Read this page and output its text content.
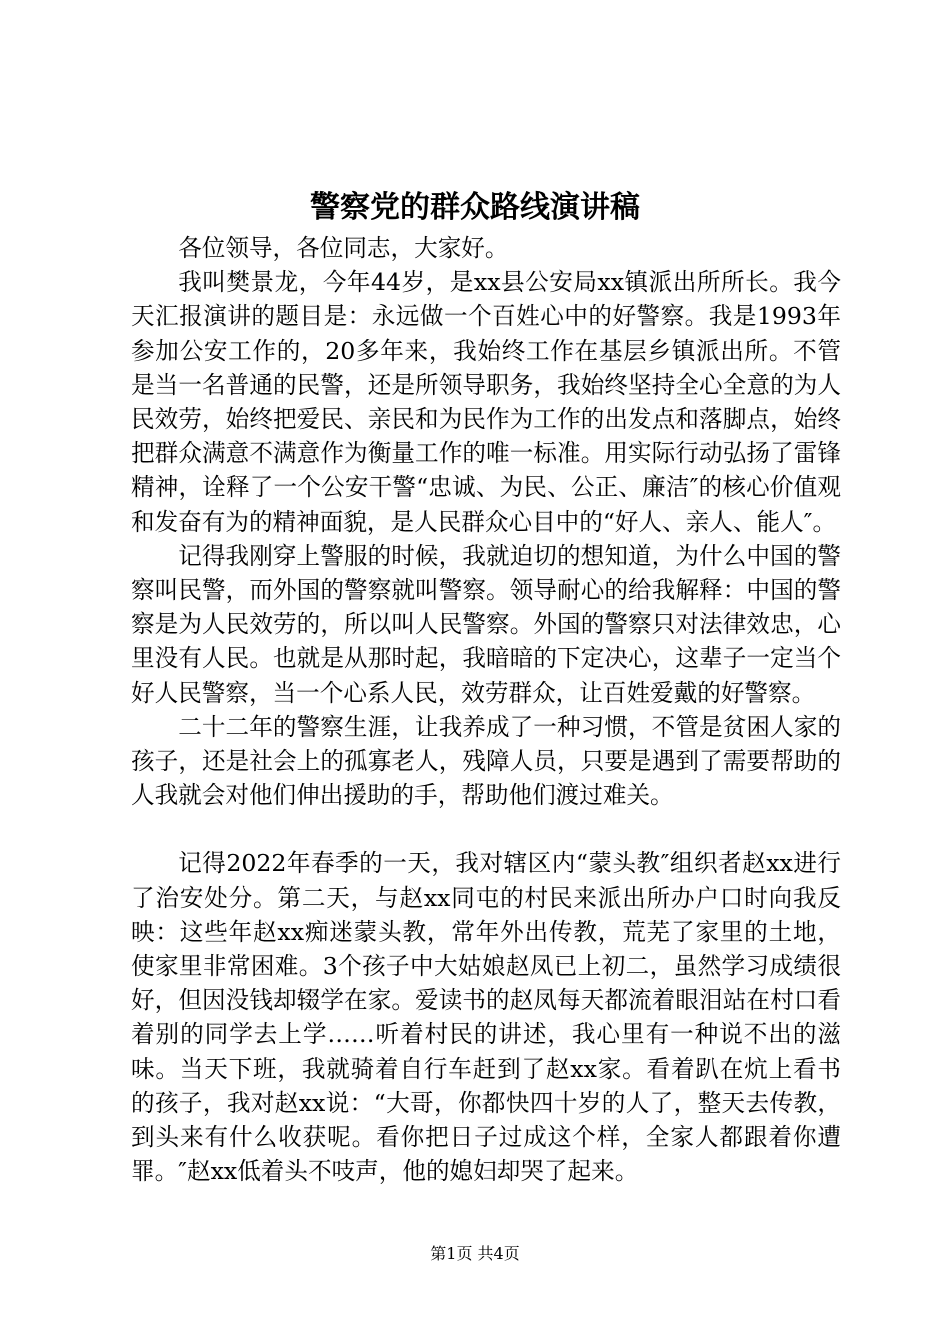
警察党的群众路线演讲稿

各位领导，各位同志，大家好。

我叫樊景龙，今年44岁，是xx县公安局xx镇派出所所长。我今天汇报演讲的题目是：永远做一个百姓心中的好警察。我是1993年参加公安工作的，20多年来，我始终工作在基层乡镇派出所。不管是当一名普通的民警，还是所领导职务，我始终坚持全心全意的为人民效劳，始终把爱民、亲民和为民作为工作的出发点和落脚点，始终把群众满意不满意作为衡量工作的唯一标准。用实际行动弘扬了雷锋精神，诠释了一个公安干警“忠诚、为民、公正、廉洁″的核心价值观和发奋有为的精神面貌，是人民群众心目中的“好人、亲人、能人″。

记得我刚穿上警服的时候，我就迫切的想知道，为什么中国的警察叫民警，而外国的警察就叫警察。领导耐心的给我解释：中国的警察是为人民效劳的，所以叫人民警察。外国的警察只对法律效忠，心里没有人民。也就是从那时起，我暗暗的下定决心，这辈子一定当个好人民警察，当一个心系人民，效劳群众，让百姓爱戴的好警察。

二十二年的警察生涯，让我养成了一种习惯，不管是贫困人家的孩子，还是社会上的孤寡老人，残障人员，只要是遇到了需要帮助的人我就会对他们伸出援助的手，帮助他们渡过难关。

记得2022年春季的一天，我对辖区内“蒙头教″组织者赵xx进行了治安处分。第二天，与赵xx同屯的村民来派出所办户口时向我反映：这些年赵xx痴迷蒙头教，常年外出传教，荒芜了家里的土地，使家里非常困难。3个孩子中大姑娘赵凤已上初二，虽然学习成绩很好，但因没钱却辍学在家。爱读书的赵凤每天都流着眼泪站在村口看着别的同学去上学……听着村民的讲述，我心里有一种说不出的滋味。当天下班，我就骑着自行车赶到了赵xx家。看着趴在炕上看书的孩子，我对赵xx说：“大哥，你都快四十岁的人了，整天去传教，到头来有什么收获呢。看你把日子过成这个样，全家人都跟着你遭罪。″赵xx低着头不吱声，他的媳妇却哭了起来。

第1页 共4页
